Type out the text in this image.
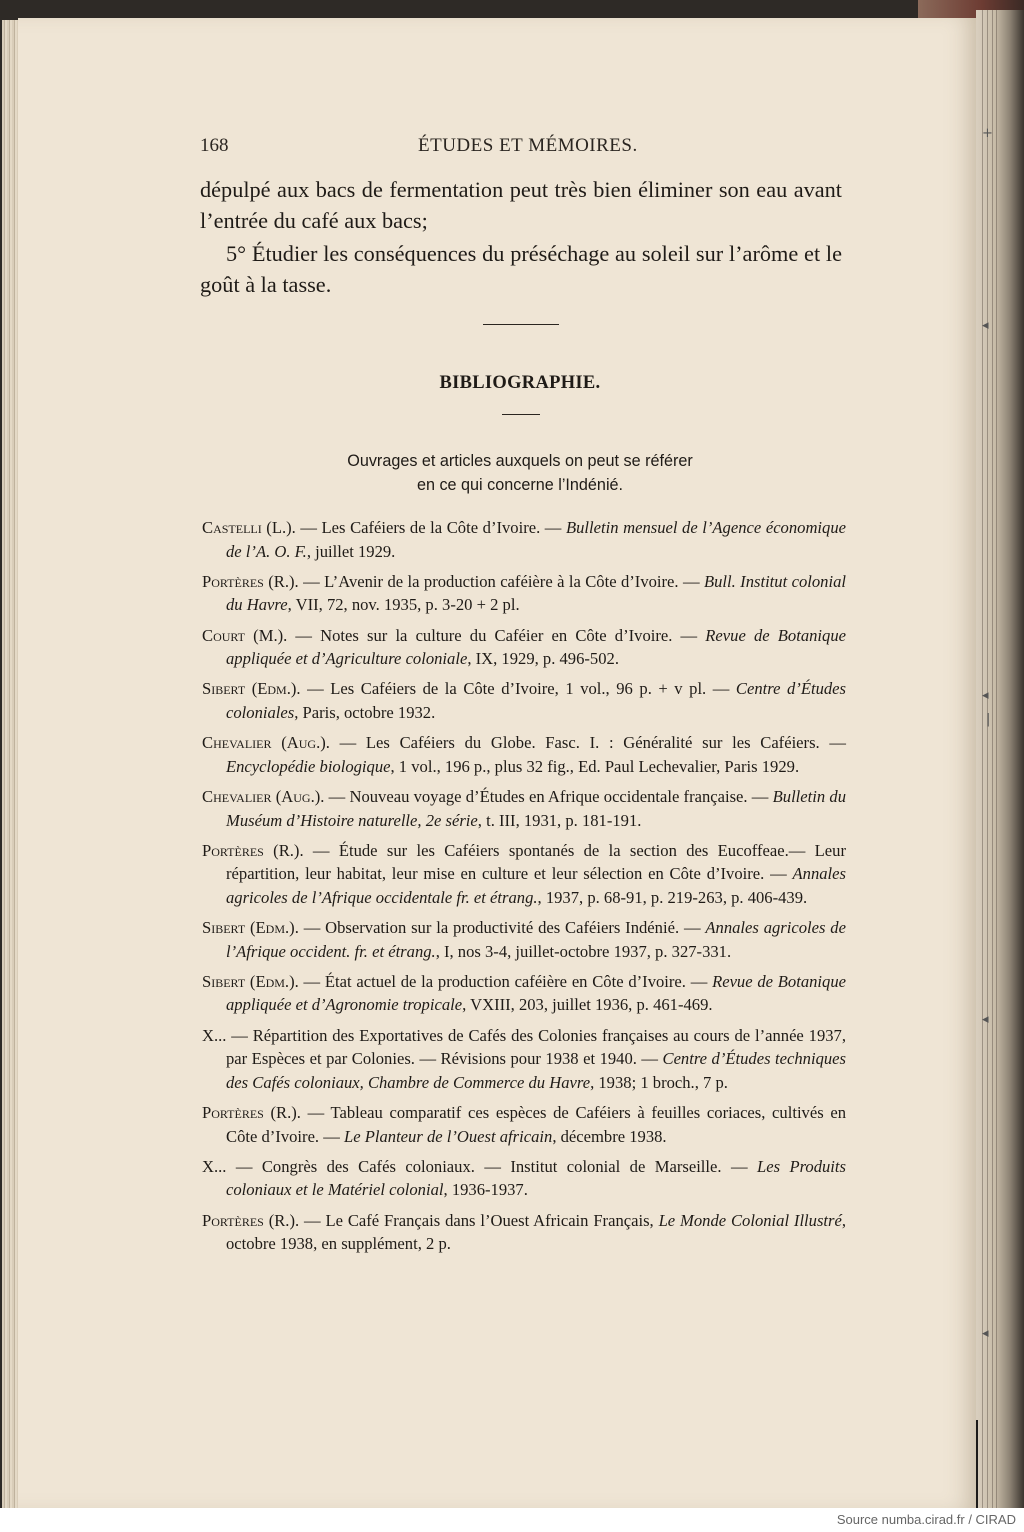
168	ÉTUDES ET MÉMOIRES.

dépulpé aux bacs de fermentation peut très bien éliminer son eau avant l’entrée du café aux bacs;

5° Étudier les conséquences du préséchage au soleil sur l’arôme et le goût à la tasse.

BIBLIOGRAPHIE.
Ouvrages et articles auxquels on peut se référer
en ce qui concerne l’Indénié.
Castelli (L.). — Les Caféiers de la Côte d’Ivoire. — Bulletin mensuel de l’Agence économique de l’A. O. F., juillet 1929.
Portères (R.). — L’Avenir de la production caféière à la Côte d’Ivoire. — Bull. Institut colonial du Havre, VII, 72, nov. 1935, p. 3-20 + 2 pl.
Court (M.). — Notes sur la culture du Caféier en Côte d’Ivoire. — Revue de Botanique appliquée et d’Agriculture coloniale, IX, 1929, p. 496-502.
Sibert (Edm.). — Les Caféiers de la Côte d’Ivoire, 1 vol., 96 p. + v pl. — Centre d’Études coloniales, Paris, octobre 1932.
Chevalier (Aug.). — Les Caféiers du Globe. Fasc. I. : Généralité sur les Caféiers. — Encyclopédie biologique, 1 vol., 196 p., plus 32 fig., Ed. Paul Lechevalier, Paris 1929.
Chevalier (Aug.). — Nouveau voyage d’Études en Afrique occidentale française. — Bulletin du Muséum d’Histoire naturelle, 2e série, t. III, 1931, p. 181-191.
Portères (R.). — Étude sur les Caféiers spontanés de la section des Eucoffeae.— Leur répartition, leur habitat, leur mise en culture et leur sélection en Côte d’Ivoire. — Annales agricoles de l’Afrique occidentale fr. et étrang., 1937, p. 68-91, p. 219-263, p. 406-439.
Sibert (Edm.). — Observation sur la productivité des Caféiers Indénié. — Annales agricoles de l’Afrique occident. fr. et étrang., I, nos 3-4, juillet-octobre 1937, p. 327-331.
Sibert (Edm.). — État actuel de la production caféière en Côte d’Ivoire. — Revue de Botanique appliquée et d’Agronomie tropicale, VXIII, 203, juillet 1936, p. 461-469.
X... — Répartition des Exportatives de Cafés des Colonies françaises au cours de l’année 1937, par Espèces et par Colonies. — Révisions pour 1938 et 1940. — Centre d’Études techniques des Cafés coloniaux, Chambre de Commerce du Havre, 1938; 1 broch., 7 p.
Portères (R.). — Tableau comparatif ces espèces de Caféiers à feuilles coriaces, cultivés en Côte d’Ivoire. — Le Planteur de l’Ouest africain, décembre 1938.
X... — Congrès des Cafés coloniaux. — Institut colonial de Marseille. — Les Produits coloniaux et le Matériel colonial, 1936-1937.
Portères (R.). — Le Café Français dans l’Ouest Africain Français, Le Monde Colonial Illustré, octobre 1938, en supplément, 2 p.
+
◂
◂
|
◂
◂
Source numba.cirad.fr / CIRAD
